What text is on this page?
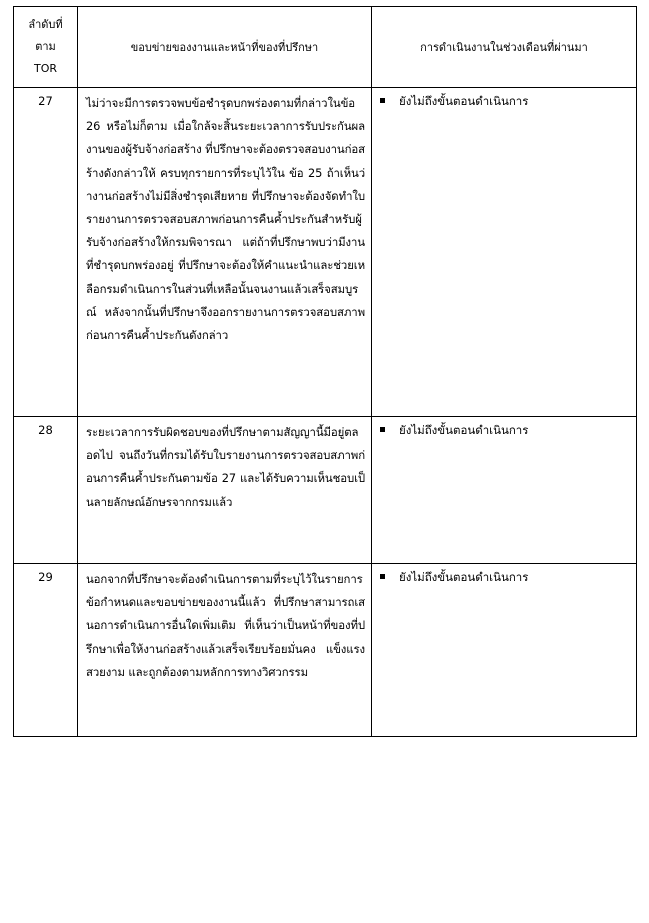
ลำดับที่
ตาม
TOR	ขอบข่ายของงานและหน้าที่ของที่ปรึกษา	การดำเนินงานในช่วงเดือนที่ผ่านมา
27	ไม่ว่าจะมีการตรวจพบข้อชำรุดบกพร่องตามที่กล่าวในข้อ 26 หรือไม่ก็ตาม เมื่อใกล้จะสิ้นระยะเวลาการรับประกันผลงานของผู้รับจ้างก่อสร้าง ที่ปรึกษาจะต้องตรวจสอบงานก่อสร้างดังกล่าวให้ ครบทุกรายการที่ระบุไว้ใน ข้อ 25 ถ้าเห็นว่างานก่อสร้างไม่มีสิ่งชำรุดเสียหาย ที่ปรึกษาจะต้องจัดทำใบรายงานการตรวจสอบสภาพก่อนการคืนค้ำประกันสำหรับผู้รับจ้างก่อสร้างให้กรมพิจารณา แต่ถ้าที่ปรึกษาพบว่ามีงานที่ชำรุดบกพร่องอยู่ ที่ปรึกษาจะต้องให้คำแนะนำและช่วยเหลือกรมดำเนินการในส่วนที่เหลือนั้นจนงานแล้วเสร็จสมบูรณ์ หลังจากนั้นที่ปรึกษาจึงออกรายงานการตรวจสอบสภาพก่อนการคืนค้ำประกันดังกล่าว	ยังไม่ถึงขั้นตอนดำเนินการ

28	ระยะเวลาการรับผิดชอบของที่ปรึกษาตามสัญญานี้มีอยู่ตลอดไป จนถึงวันที่กรมได้รับใบรายงานการตรวจสอบสภาพก่อนการคืนค้ำประกันตามข้อ 27 และได้รับความเห็นชอบเป็นลายลักษณ์อักษรจากกรมแล้ว	ยังไม่ถึงขั้นตอนดำเนินการ

29	นอกจากที่ปรึกษาจะต้องดำเนินการตามที่ระบุไว้ในรายการข้อกำหนดและขอบข่ายของงานนี้แล้ว ที่ปรึกษาสามารถเสนอการดำเนินการอื่นใดเพิ่มเติม ที่เห็นว่าเป็นหน้าที่ของที่ปรึกษาเพื่อให้งานก่อสร้างแล้วเสร็จเรียบร้อยมั่นคง แข็งแรง สวยงาม และถูกต้องตามหลักการทางวิศวกรรม	ยังไม่ถึงขั้นตอนดำเนินการ
